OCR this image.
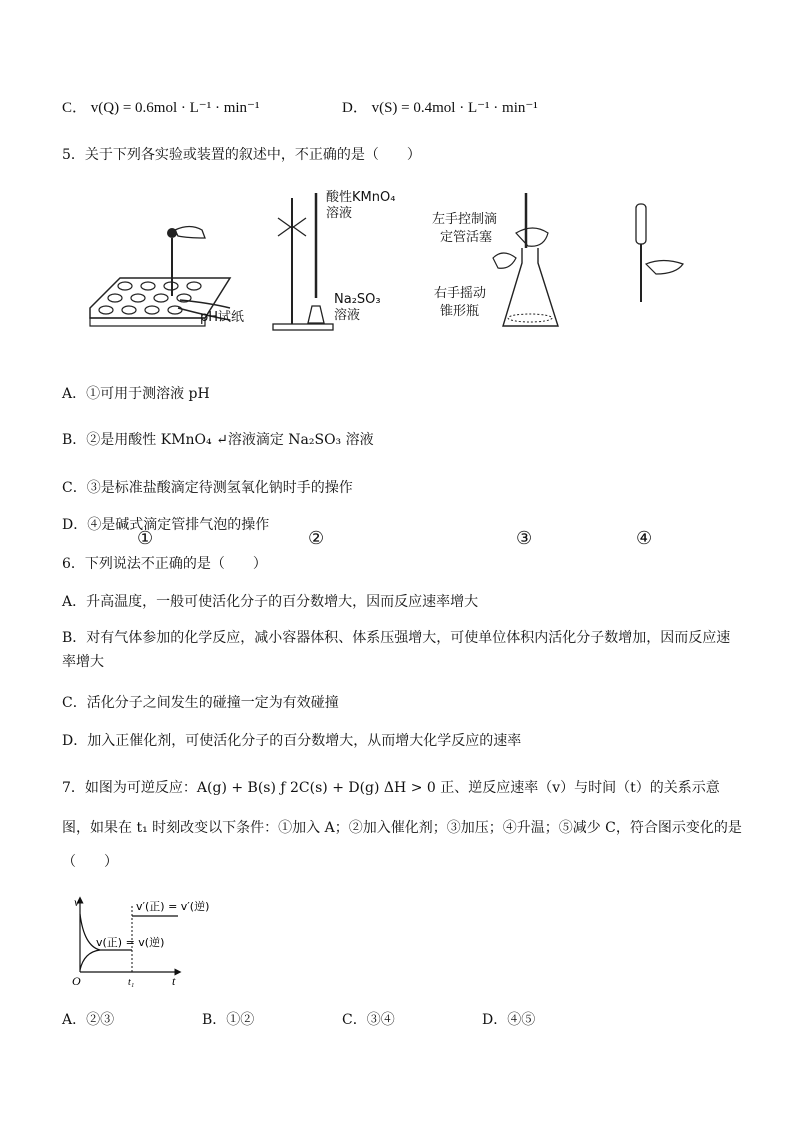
C． v(Q) = 0.6mol · L⁻¹ · min⁻¹	D． v(S) = 0.4mol · L⁻¹ · min⁻¹
5．关于下列各实验或装置的叙述中，不正确的是（　　）
pH试纸
酸性KMnO₄
溶液
Na₂SO₃
溶液
左手控制滴
定管活塞
右手摇动
锥形瓶
①	②	③	④
A．①可用于测溶液 pH
B．②是用酸性 KMnO₄ ↵溶液滴定 Na₂SO₃ 溶液
C．③是标准盐酸滴定待测氢氧化钠时手的操作
D．④是碱式滴定管排气泡的操作
6．下列说法不正确的是（　　）
A．升高温度，一般可使活化分子的百分数增大，因而反应速率增大
B．对有气体参加的化学反应，减小容器体积、体系压强增大，可使单位体积内活化分子数增加，因而反应速率增大
C．活化分子之间发生的碰撞一定为有效碰撞
D．加入正催化剂，可使活化分子的百分数增大，从而增大化学反应的速率
7．如图为可逆反应：A(g) + B(s) ƒ 2C(s) + D(g) ΔH > 0 正、逆反应速率（v）与时间（t）的关系示意
图，如果在 t₁ 时刻改变以下条件：①加入 A；②加入催化剂；③加压；④升温；⑤减少 C，符合图示变化的是
（　　）
v
t
O	t₁
v(正) = v(逆)
v′(正) = v′(逆)
A．②③	B．①②	C．③④	D．④⑤
